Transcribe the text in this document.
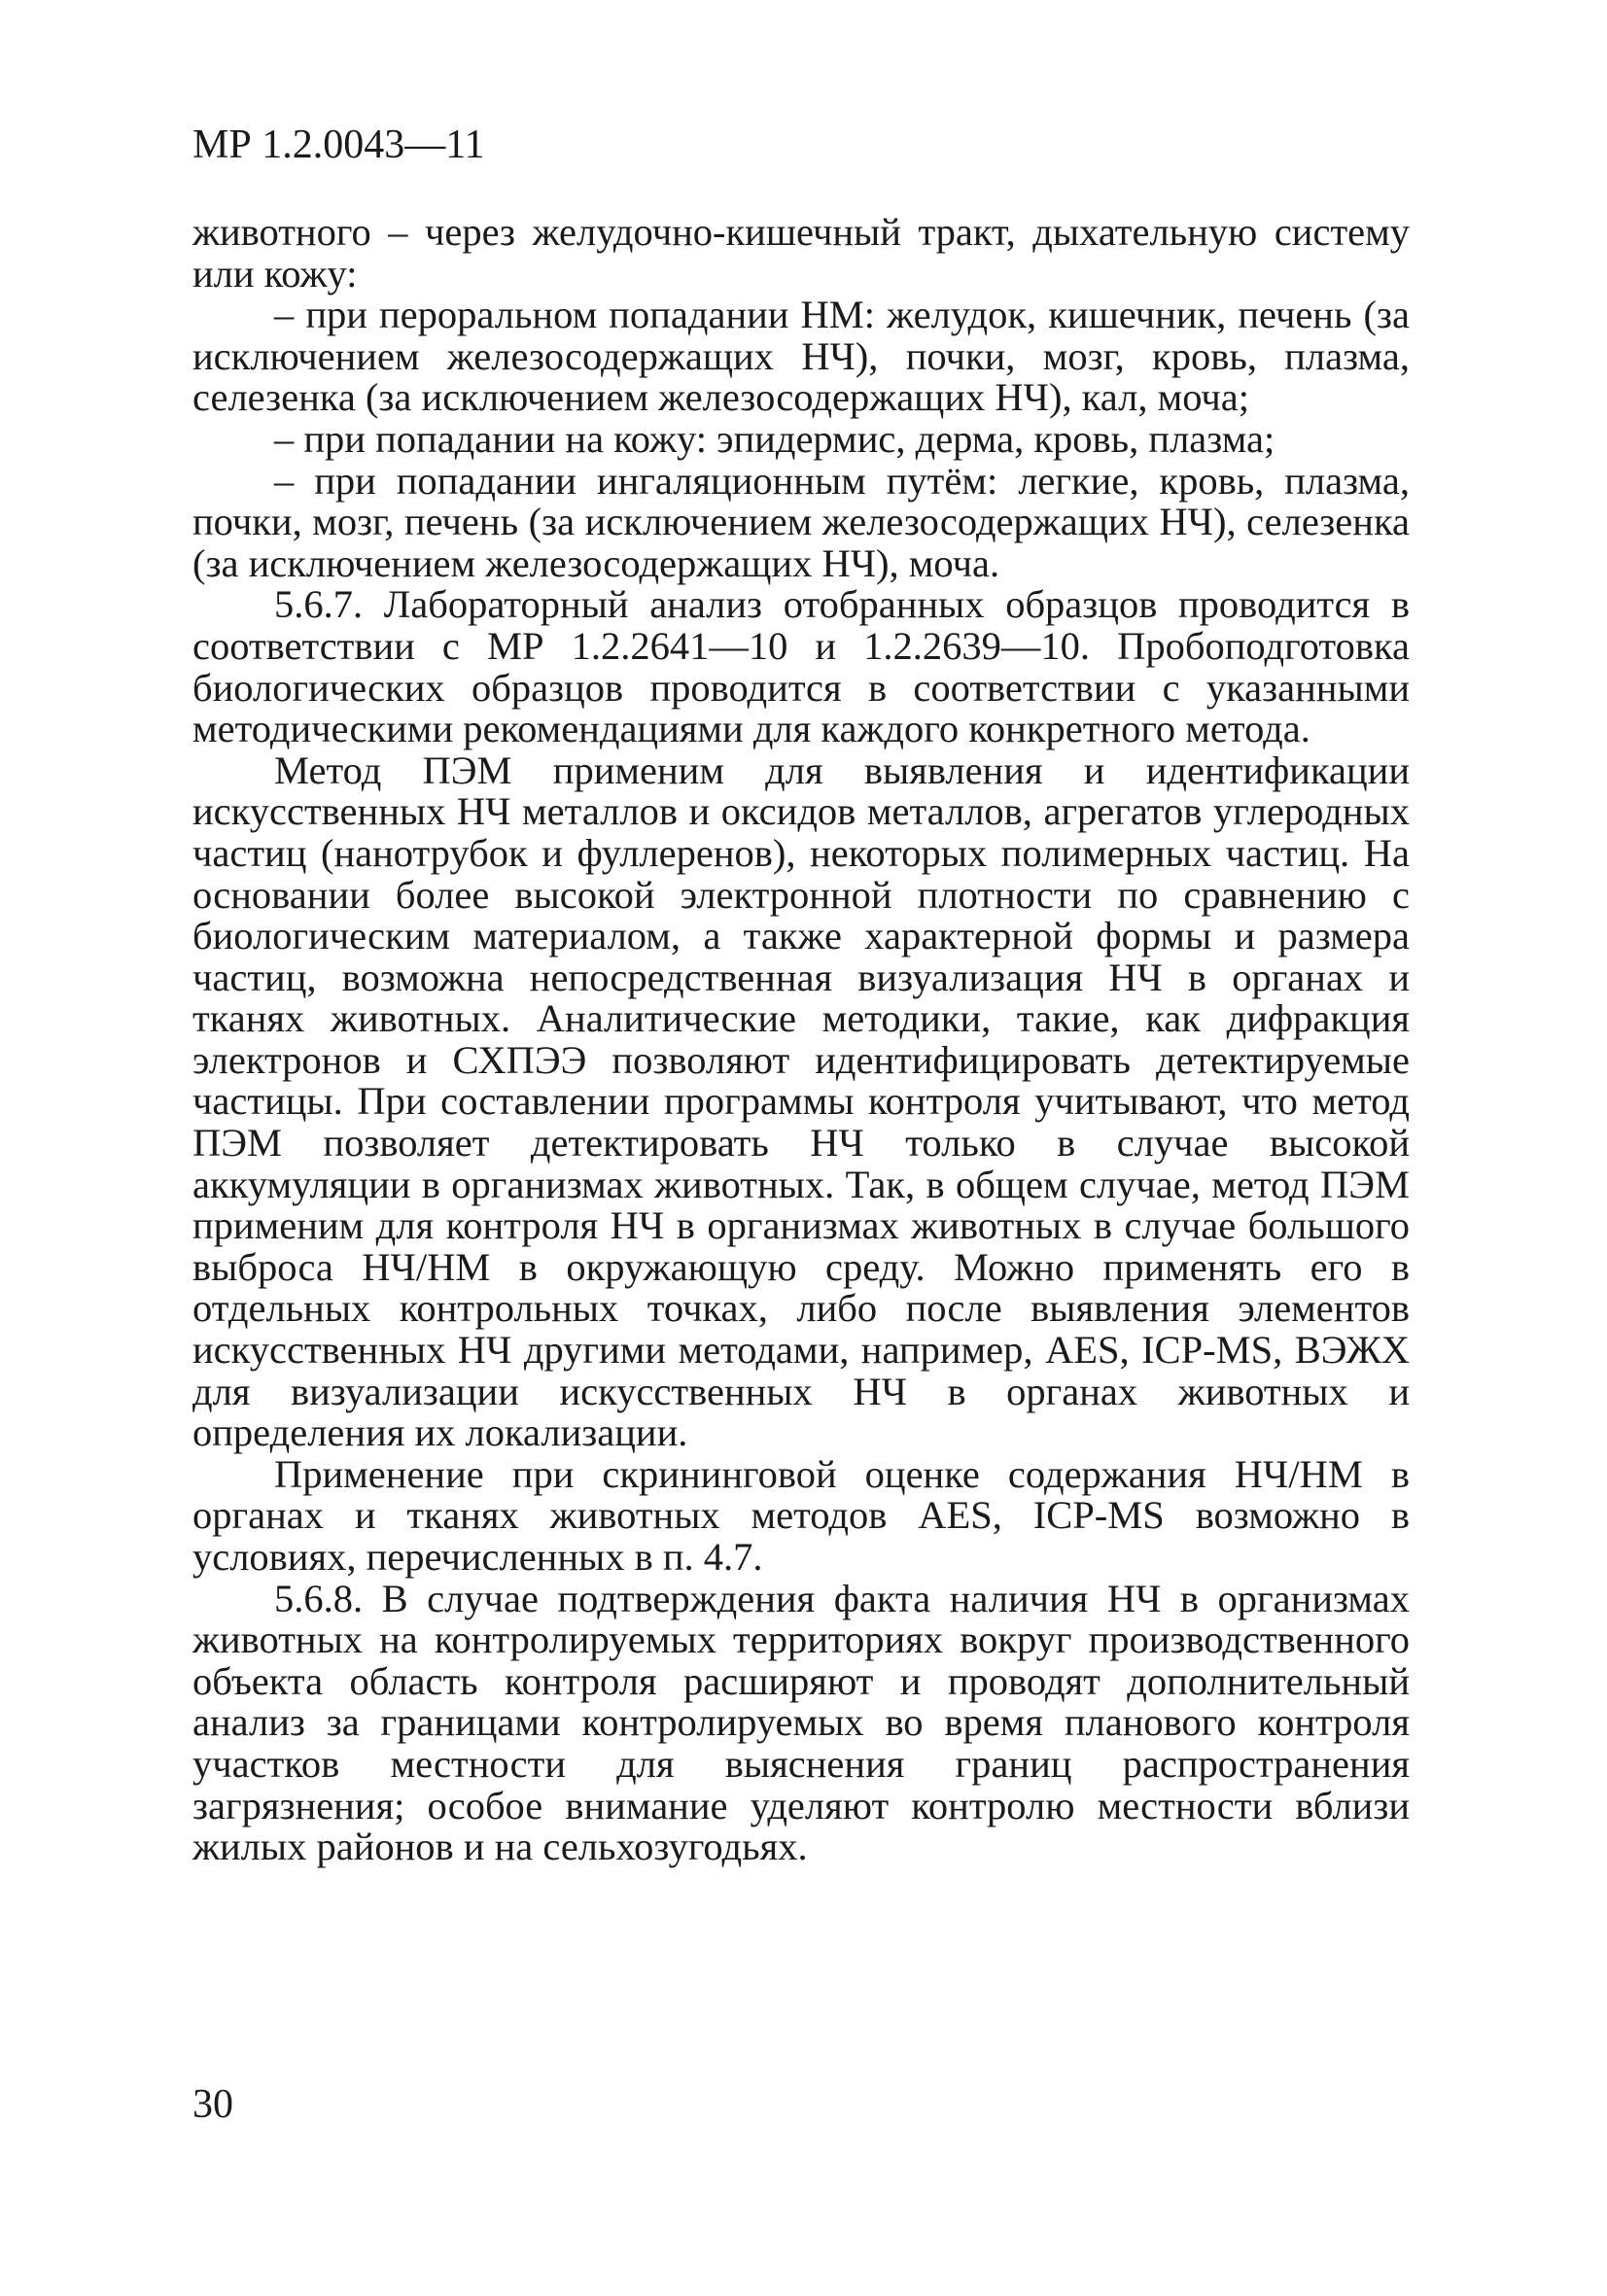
МР 1.2.0043—11

животного – через желудочно-кишечный тракт, дыхательную систему или кожу:

– при пероральном попадании НМ: желудок, кишечник, печень (за исключением железосодержащих НЧ), почки, мозг, кровь, плазма, селезенка (за исключением железосодержащих НЧ), кал, моча;

– при попадании на кожу: эпидермис, дерма, кровь, плазма;

– при попадании ингаляционным путём: легкие, кровь, плазма, почки, мозг, печень (за исключением железосодержащих НЧ), селезенка (за исключением железосодержащих НЧ), моча.

5.6.7. Лабораторный анализ отобранных образцов проводится в соответствии с МР 1.2.2641—10 и 1.2.2639—10. Пробоподготовка биологических образцов проводится в соответствии с указанными методическими рекомендациями для каждого конкретного метода.

Метод ПЭМ применим для выявления и идентификации искусственных НЧ металлов и оксидов металлов, агрегатов углеродных частиц (нанотрубок и фуллеренов), некоторых полимерных частиц. На основании более высокой электронной плотности по сравнению с биологическим материалом, а также характерной формы и размера частиц, возможна непосредственная визуализация НЧ в органах и тканях животных. Аналитические методики, такие, как дифракция электронов и СХПЭЭ позволяют идентифицировать детектируемые частицы. При составлении программы контроля учитывают, что метод ПЭМ позволяет детектировать НЧ только в случае высокой аккумуляции в организмах животных. Так, в общем случае, метод ПЭМ применим для контроля НЧ в организмах животных в случае большого выброса НЧ/НМ в окружающую среду. Можно применять его в отдельных контрольных точках, либо после выявления элементов искусственных НЧ другими методами, например, AES, ICP-MS, ВЭЖХ для визуализации искусственных НЧ в органах животных и определения их локализации.

Применение при скрининговой оценке содержания НЧ/НМ в органах и тканях животных методов AES, ICP-MS возможно в условиях, перечисленных в п. 4.7.

5.6.8. В случае подтверждения факта наличия НЧ в организмах животных на контролируемых территориях вокруг производственного объекта область контроля расширяют и проводят дополнительный анализ за границами контролируемых во время планового контроля участков местности для выяснения границ распространения загрязнения; особое внимание уделяют контролю местности вблизи жилых районов и на сельхозугодьях.

30
